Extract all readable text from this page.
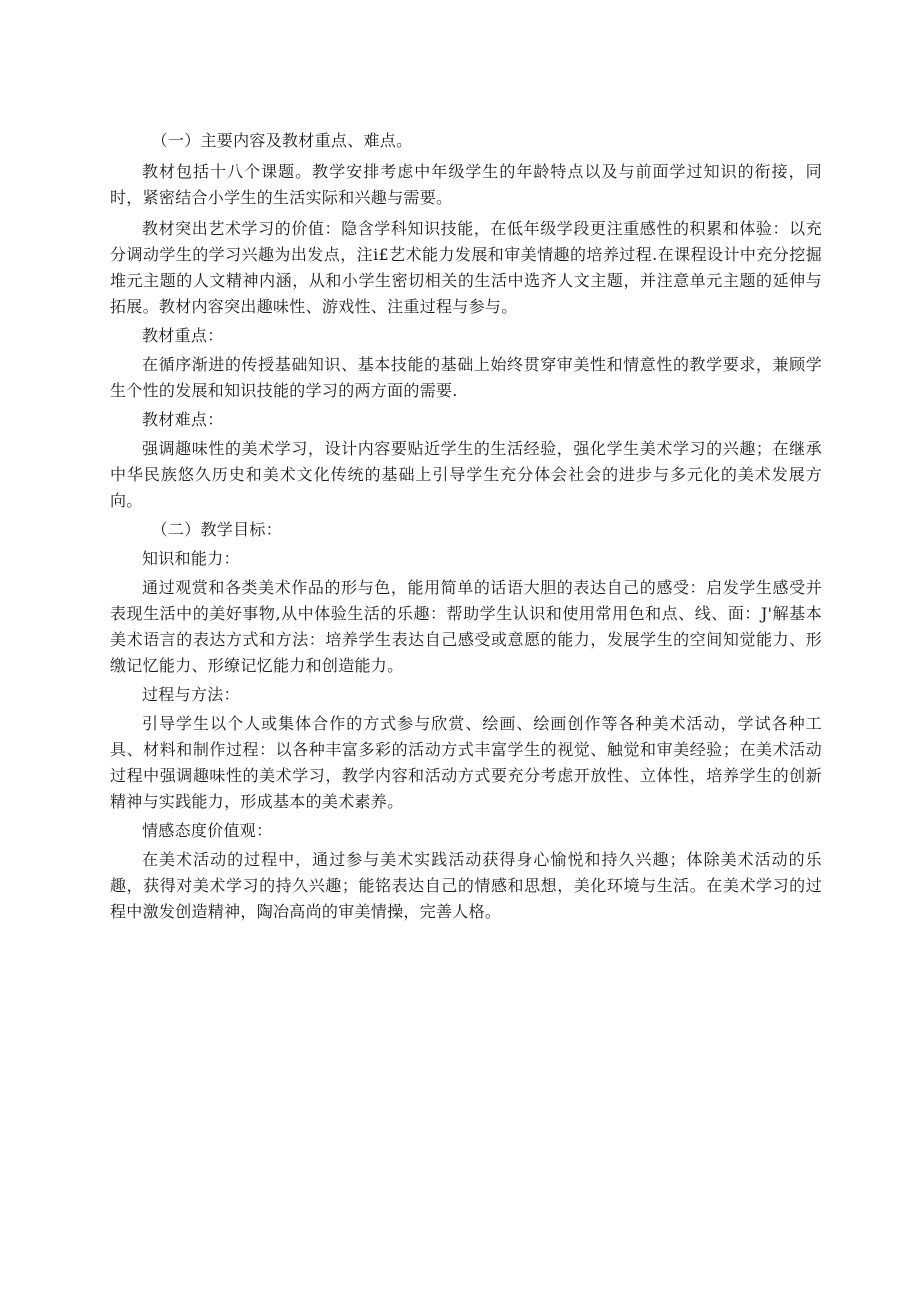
（一）主要内容及教材重点、难点。

教材包括十八个课题。教学安排考虑中年级学生的年龄特点以及与前面学过知识的衔接，同时，紧密结合小学生的生活实际和兴趣与需要。

教材突出艺术学习的价值：隐含学科知识技能，在低年级学段更注重感性的积累和体验：以充分调动学生的学习兴趣为出发点，注i£艺术能力发展和审美情趣的培养过程.在课程设计中充分挖掘堆元主题的人文精神内涵，从和小学生密切相关的生活中选齐人文主题，并注意单元主题的延伸与拓展。教材内容突出趣味性、游戏性、注重过程与参与。

教材重点：

在循序渐进的传授基础知识、基本技能的基础上始终贯穿审美性和情意性的教学要求，兼顾学生个性的发展和知识技能的学习的两方面的需要.

教材难点：

强调趣味性的美术学习，设计内容要贴近学生的生活经验，强化学生美术学习的兴趣；在继承中华民族悠久历史和美术文化传统的基础上引导学生充分体会社会的进步与多元化的美术发展方向。

（二）教学目标：

知识和能力：

通过观赏和各类美术作品的形与色，能用简单的话语大胆的表达自己的感受：启发学生感受并表现生活中的美好事物,从中体验生活的乐趣：帮助学生认识和使用常用色和点、线、面：J'解基本美术语言的表达方式和方法：培养学生表达自己感受或意愿的能力，发展学生的空间知觉能力、形缴记忆能力、形缭记忆能力和创造能力。

过程与方法：

引导学生以个人或集体合作的方式参与欣赏、绘画、绘画创作等各种美术活动，学试各种工具、材料和制作过程：以各种丰富多彩的活动方式丰富学生的视觉、触觉和审美经验；在美术活动过程中强调趣味性的美术学习，教学内容和活动方式要充分考虑开放性、立体性，培养学生的创新精神与实践能力，形成基本的美术素养。

情感态度价值观：

在美术活动的过程中，通过参与美术实践活动获得身心愉悦和持久兴趣；体除美术活动的乐趣，获得对美术学习的持久兴趣；能铭表达自己的情感和思想，美化环境与生活。在美术学习的过程中激发创造精神，陶冶高尚的审美情操，完善人格。
